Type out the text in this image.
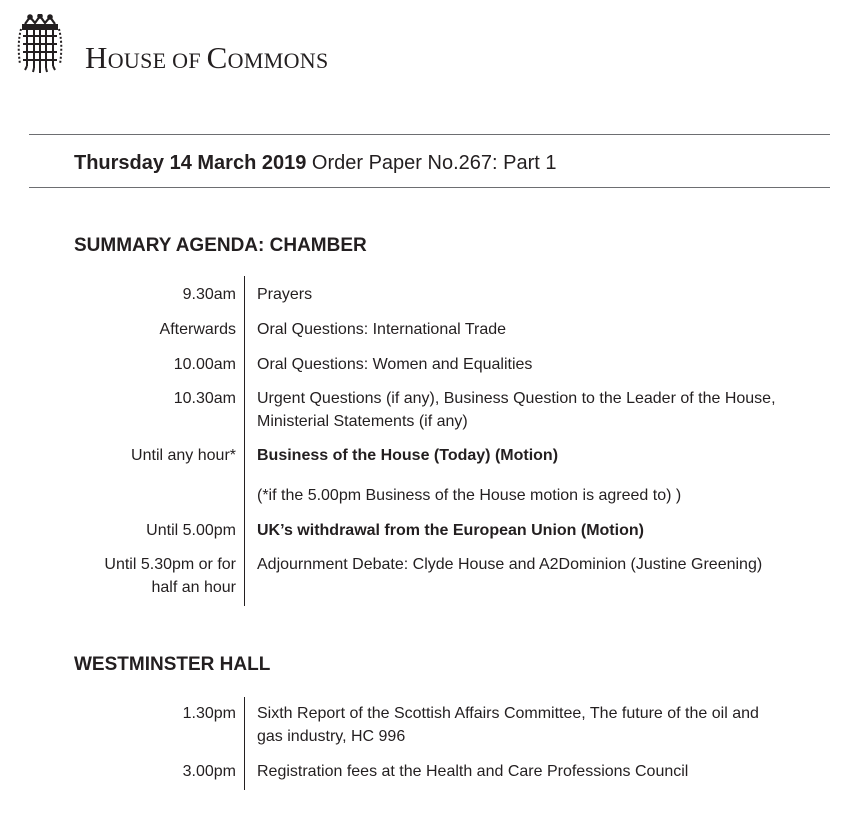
HOUSE OF COMMONS
Thursday 14 March 2019 Order Paper No.267: Part 1
SUMMARY AGENDA: CHAMBER
9.30am Prayers
Afterwards Oral Questions: International Trade
10.00am Oral Questions: Women and Equalities
10.30am Urgent Questions (if any), Business Question to the Leader of the House, Ministerial Statements (if any)
Until any hour* Business of the House (Today) (Motion)
(*if the 5.00pm Business of the House motion is agreed to) )
Until 5.00pm UK’s withdrawal from the European Union (Motion)
Until 5.30pm or for half an hour
Adjournment Debate: Clyde House and A2Dominion (Justine Greening)
WESTMINSTER HALL
1.30pm Sixth Report of the Scottish Affairs Committee, The future of the oil and gas industry, HC 996
3.00pm Registration fees at the Health and Care Professions Council
